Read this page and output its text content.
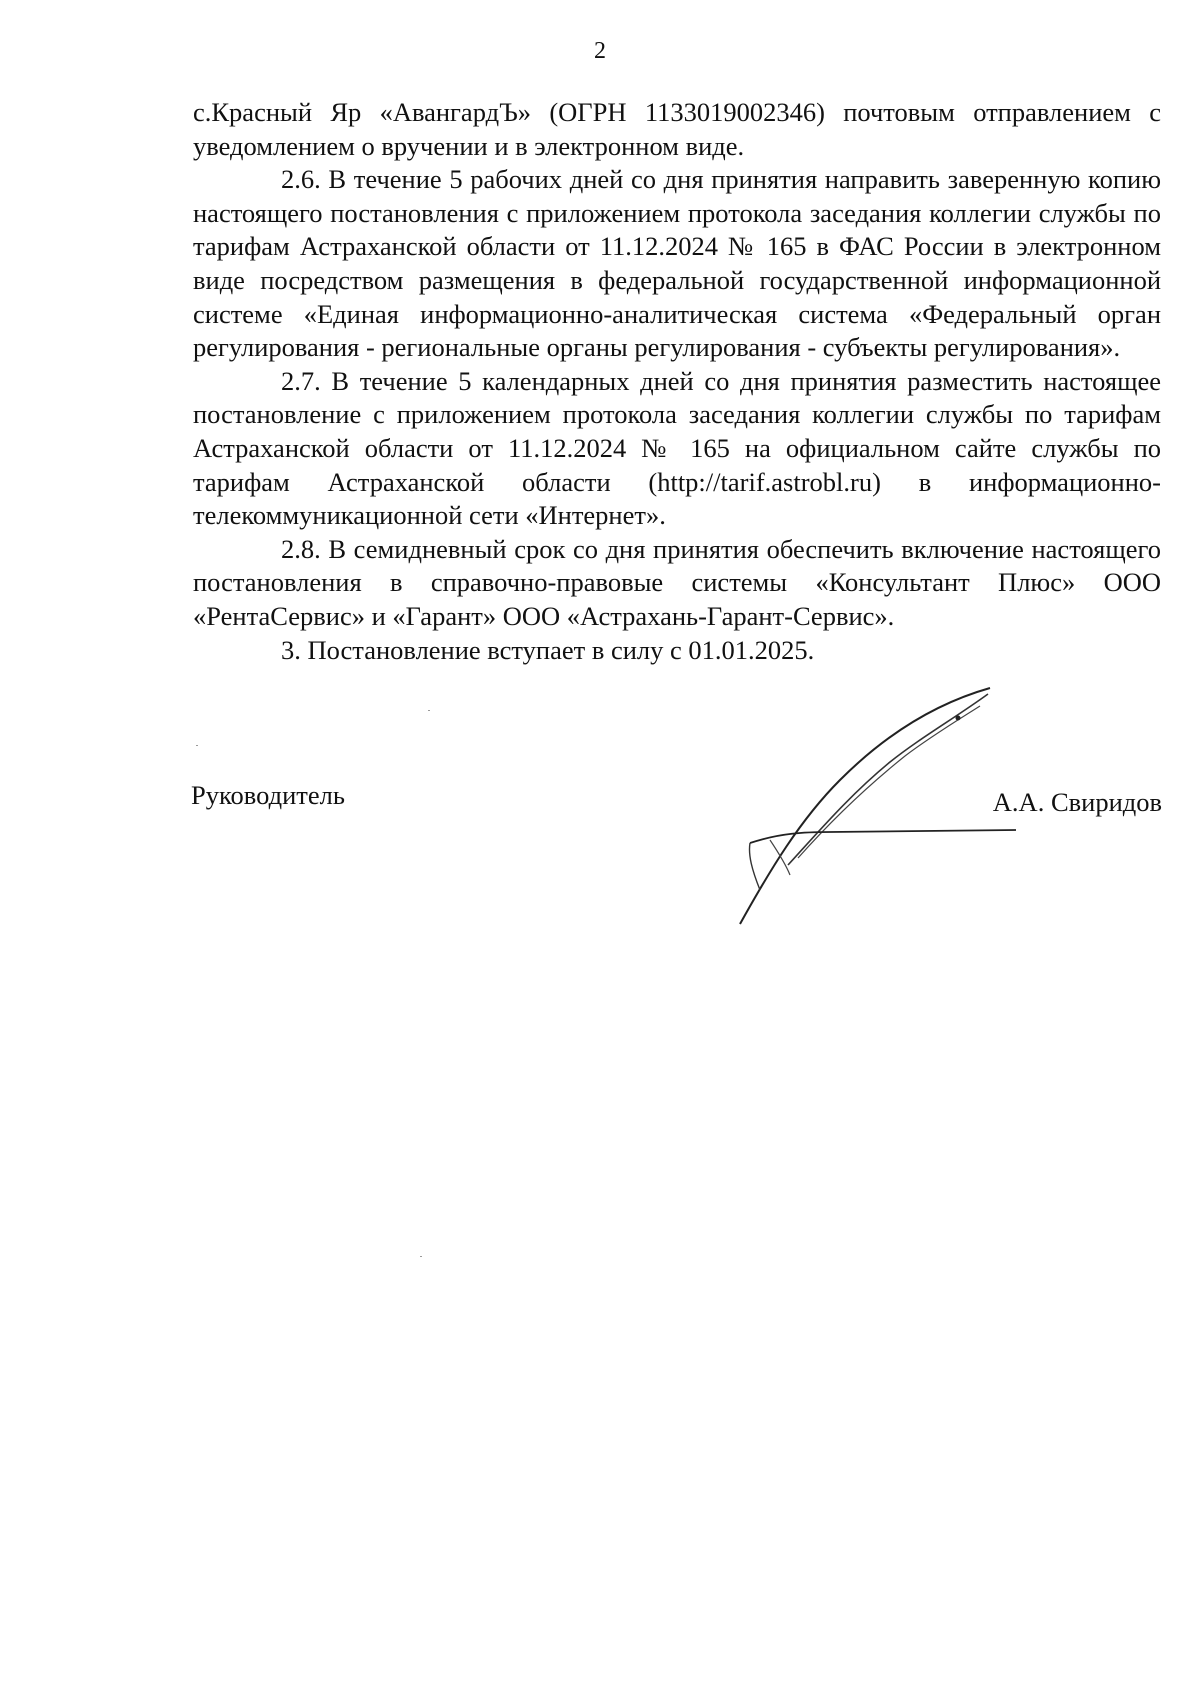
2

с.Красный Яр «АвангардЪ» (ОГРН 1133019002346) почтовым отправлением с уведомлением о вручении и в электронном виде.

2.6. В течение 5 рабочих дней со дня принятия направить заверенную копию настоящего постановления с приложением протокола заседания коллегии службы по тарифам Астраханской области от 11.12.2024 № 165 в ФАС России в электронном виде посредством размещения в федеральной государственной информационной системе «Единая информационно-аналитическая система «Федеральный орган регулирования - региональные органы регулирования - субъекты регулирования».

2.7. В течение 5 календарных дней со дня принятия разместить настоящее постановление с приложением протокола заседания коллегии службы по тарифам Астраханской области от 11.12.2024 № 165 на официальном сайте службы по тарифам Астраханской области (http://tarif.astrobl.ru) в информационно-телекоммуникационной сети «Интернет».

2.8. В семидневный срок со дня принятия обеспечить включение настоящего постановления в справочно-правовые системы «Консультант Плюс» ООО «РентаСервис» и «Гарант» ООО «Астрахань-Гарант-Сервис».

3. Постановление вступает в силу с 01.01.2025.

Руководитель	А.А. Свиридов
